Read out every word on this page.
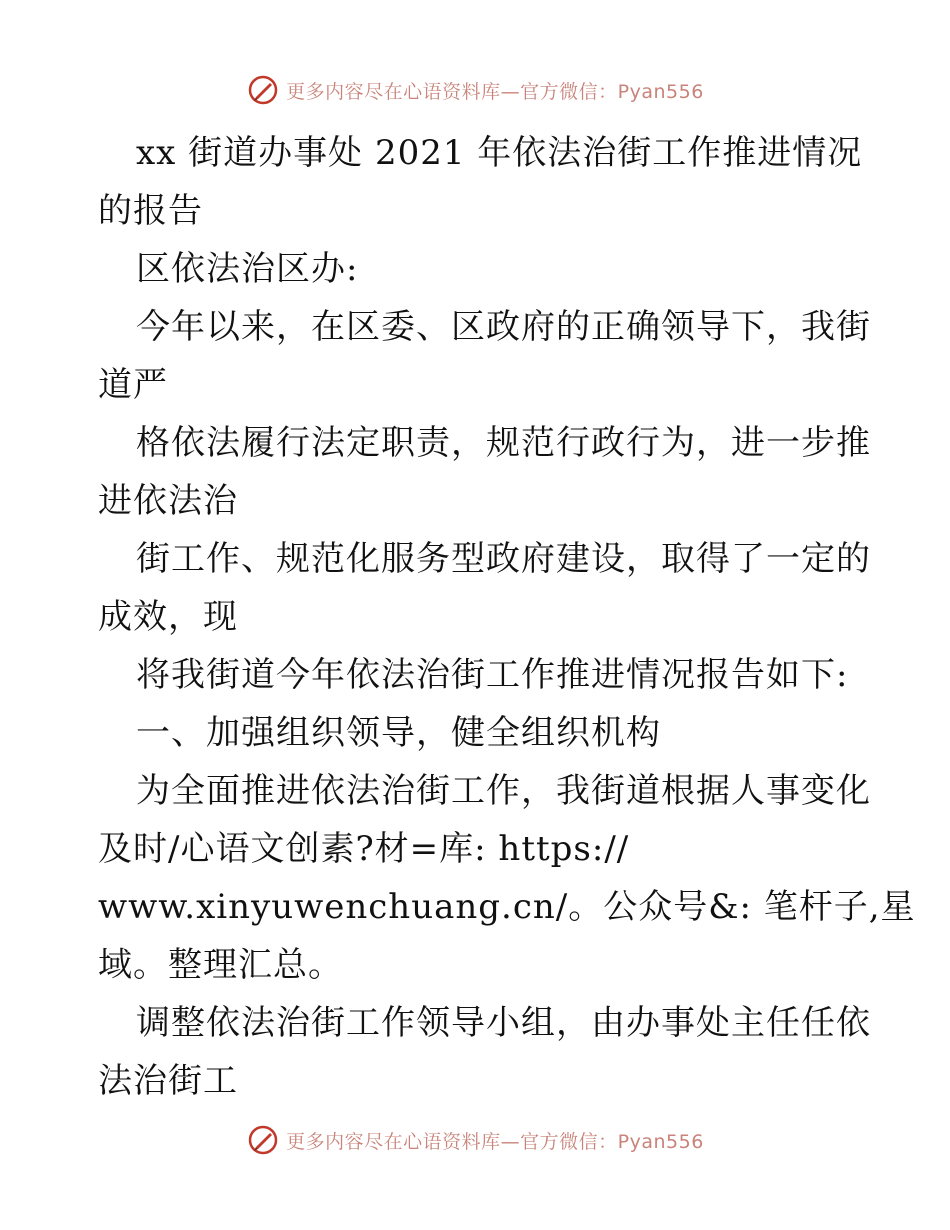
更多内容尽在心语资料库—官方微信：Pyan556
xx 街道办事处 2021 年依法治街工作推进情况
的报告
区依法治区办:
今年以来，在区委、区政府的正确领导下，我街
道严
格依法履行法定职责，规范行政行为，进一步推
进依法治
街工作、规范化服务型政府建设，取得了一定的
成效，现
将我街道今年依法治街工作推进情况报告如下:
一、加强组织领导，健全组织机构
为全面推进依法治街工作，我街道根据人事变化
及时/心语文创素?材=库: https://
www.xinyuwenchuang.cn/。公众号&: 笔杆子,星
域。整理汇总。
调整依法治街工作领导小组，由办事处主任任依
法治街工
更多内容尽在心语资料库—官方微信：Pyan556
